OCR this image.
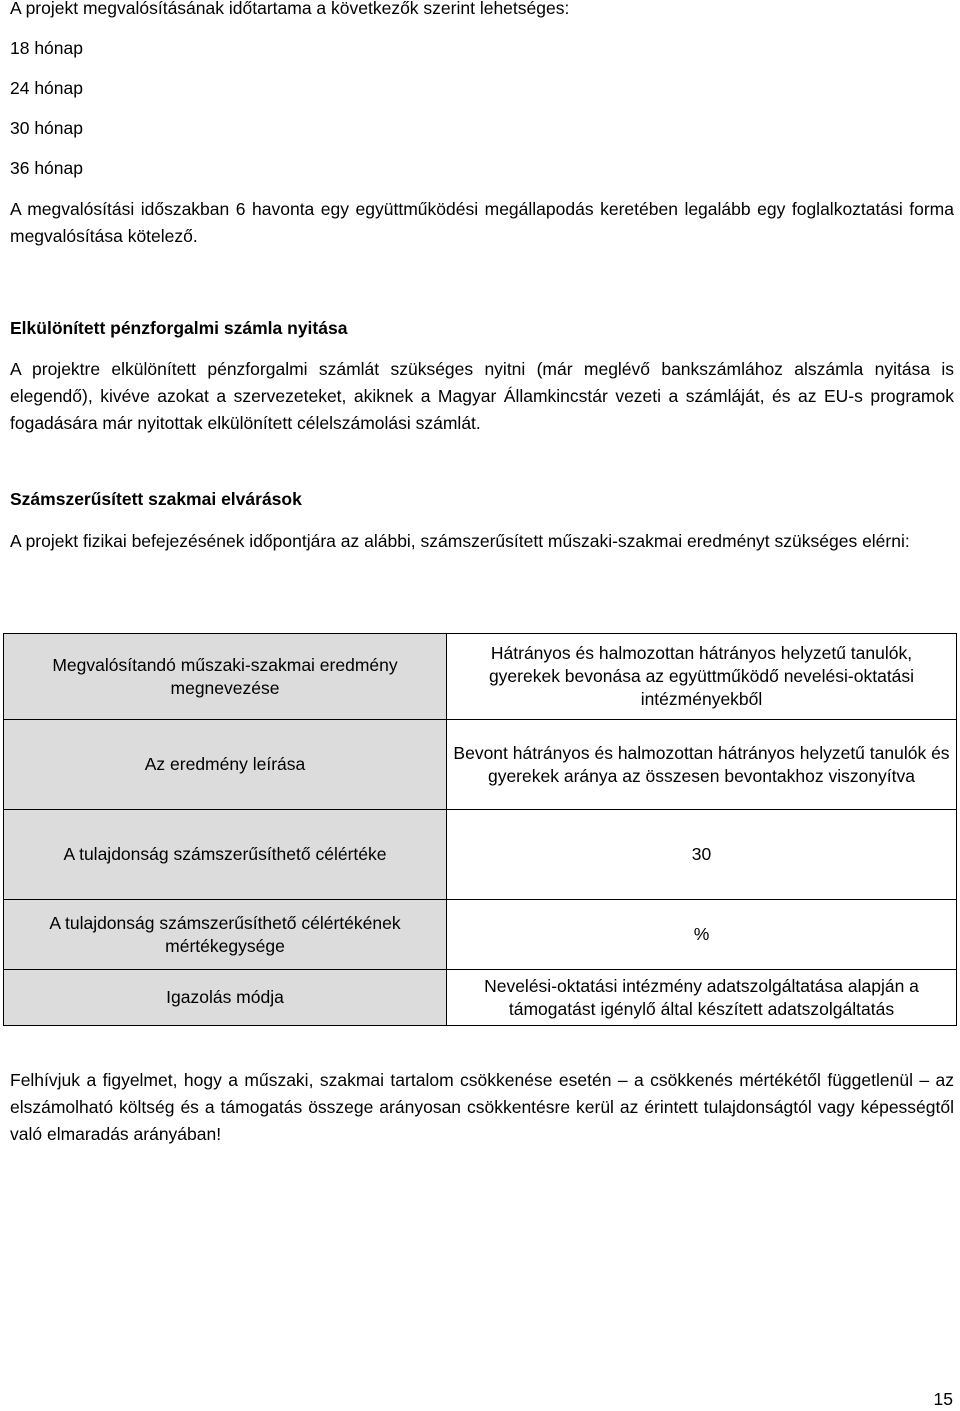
A projekt megvalósításának időtartama a következők szerint lehetséges:

18 hónap

24 hónap

30 hónap

36 hónap

A megvalósítási időszakban 6 havonta egy együttműködési megállapodás keretében legalább egy foglalkoztatási forma megvalósítása kötelező.

Elkülönített pénzforgalmi számla nyitása

A projektre elkülönített pénzforgalmi számlát szükséges nyitni (már meglévő bankszámlához alszámla nyitása is elegendő), kivéve azokat a szervezeteket, akiknek a Magyar Államkincstár vezeti a számláját, és az EU-s programok fogadására már nyitottak elkülönített célelszámolási számlát.

Számszerűsített szakmai elvárások

A projekt fizikai befejezésének időpontjára az alábbi, számszerűsített műszaki-szakmai eredményt szükséges elérni:

Megvalósítandó műszaki-szakmai eredmény megnevezése	Hátrányos és halmozottan hátrányos helyzetű tanulók, gyerekek bevonása az együttműködő nevelési-oktatási intézményekből
Az eredmény leírása	Bevont hátrányos és halmozottan hátrányos helyzetű tanulók és gyerekek aránya az összesen bevontakhoz viszonyítva
A tulajdonság számszerűsíthető célértéke	30
A tulajdonság számszerűsíthető célértékének mértékegysége	%
Igazolás módja	Nevelési-oktatási intézmény adatszolgáltatása alapján a támogatást igénylő által készített adatszolgáltatás

Felhívjuk a figyelmet, hogy a műszaki, szakmai tartalom csökkenése esetén – a csökkenés mértékétől függetlenül – az elszámolható költség és a támogatás összege arányosan csökkentésre kerül az érintett tulajdonságtól vagy képességtől való elmaradás arányában!

15
